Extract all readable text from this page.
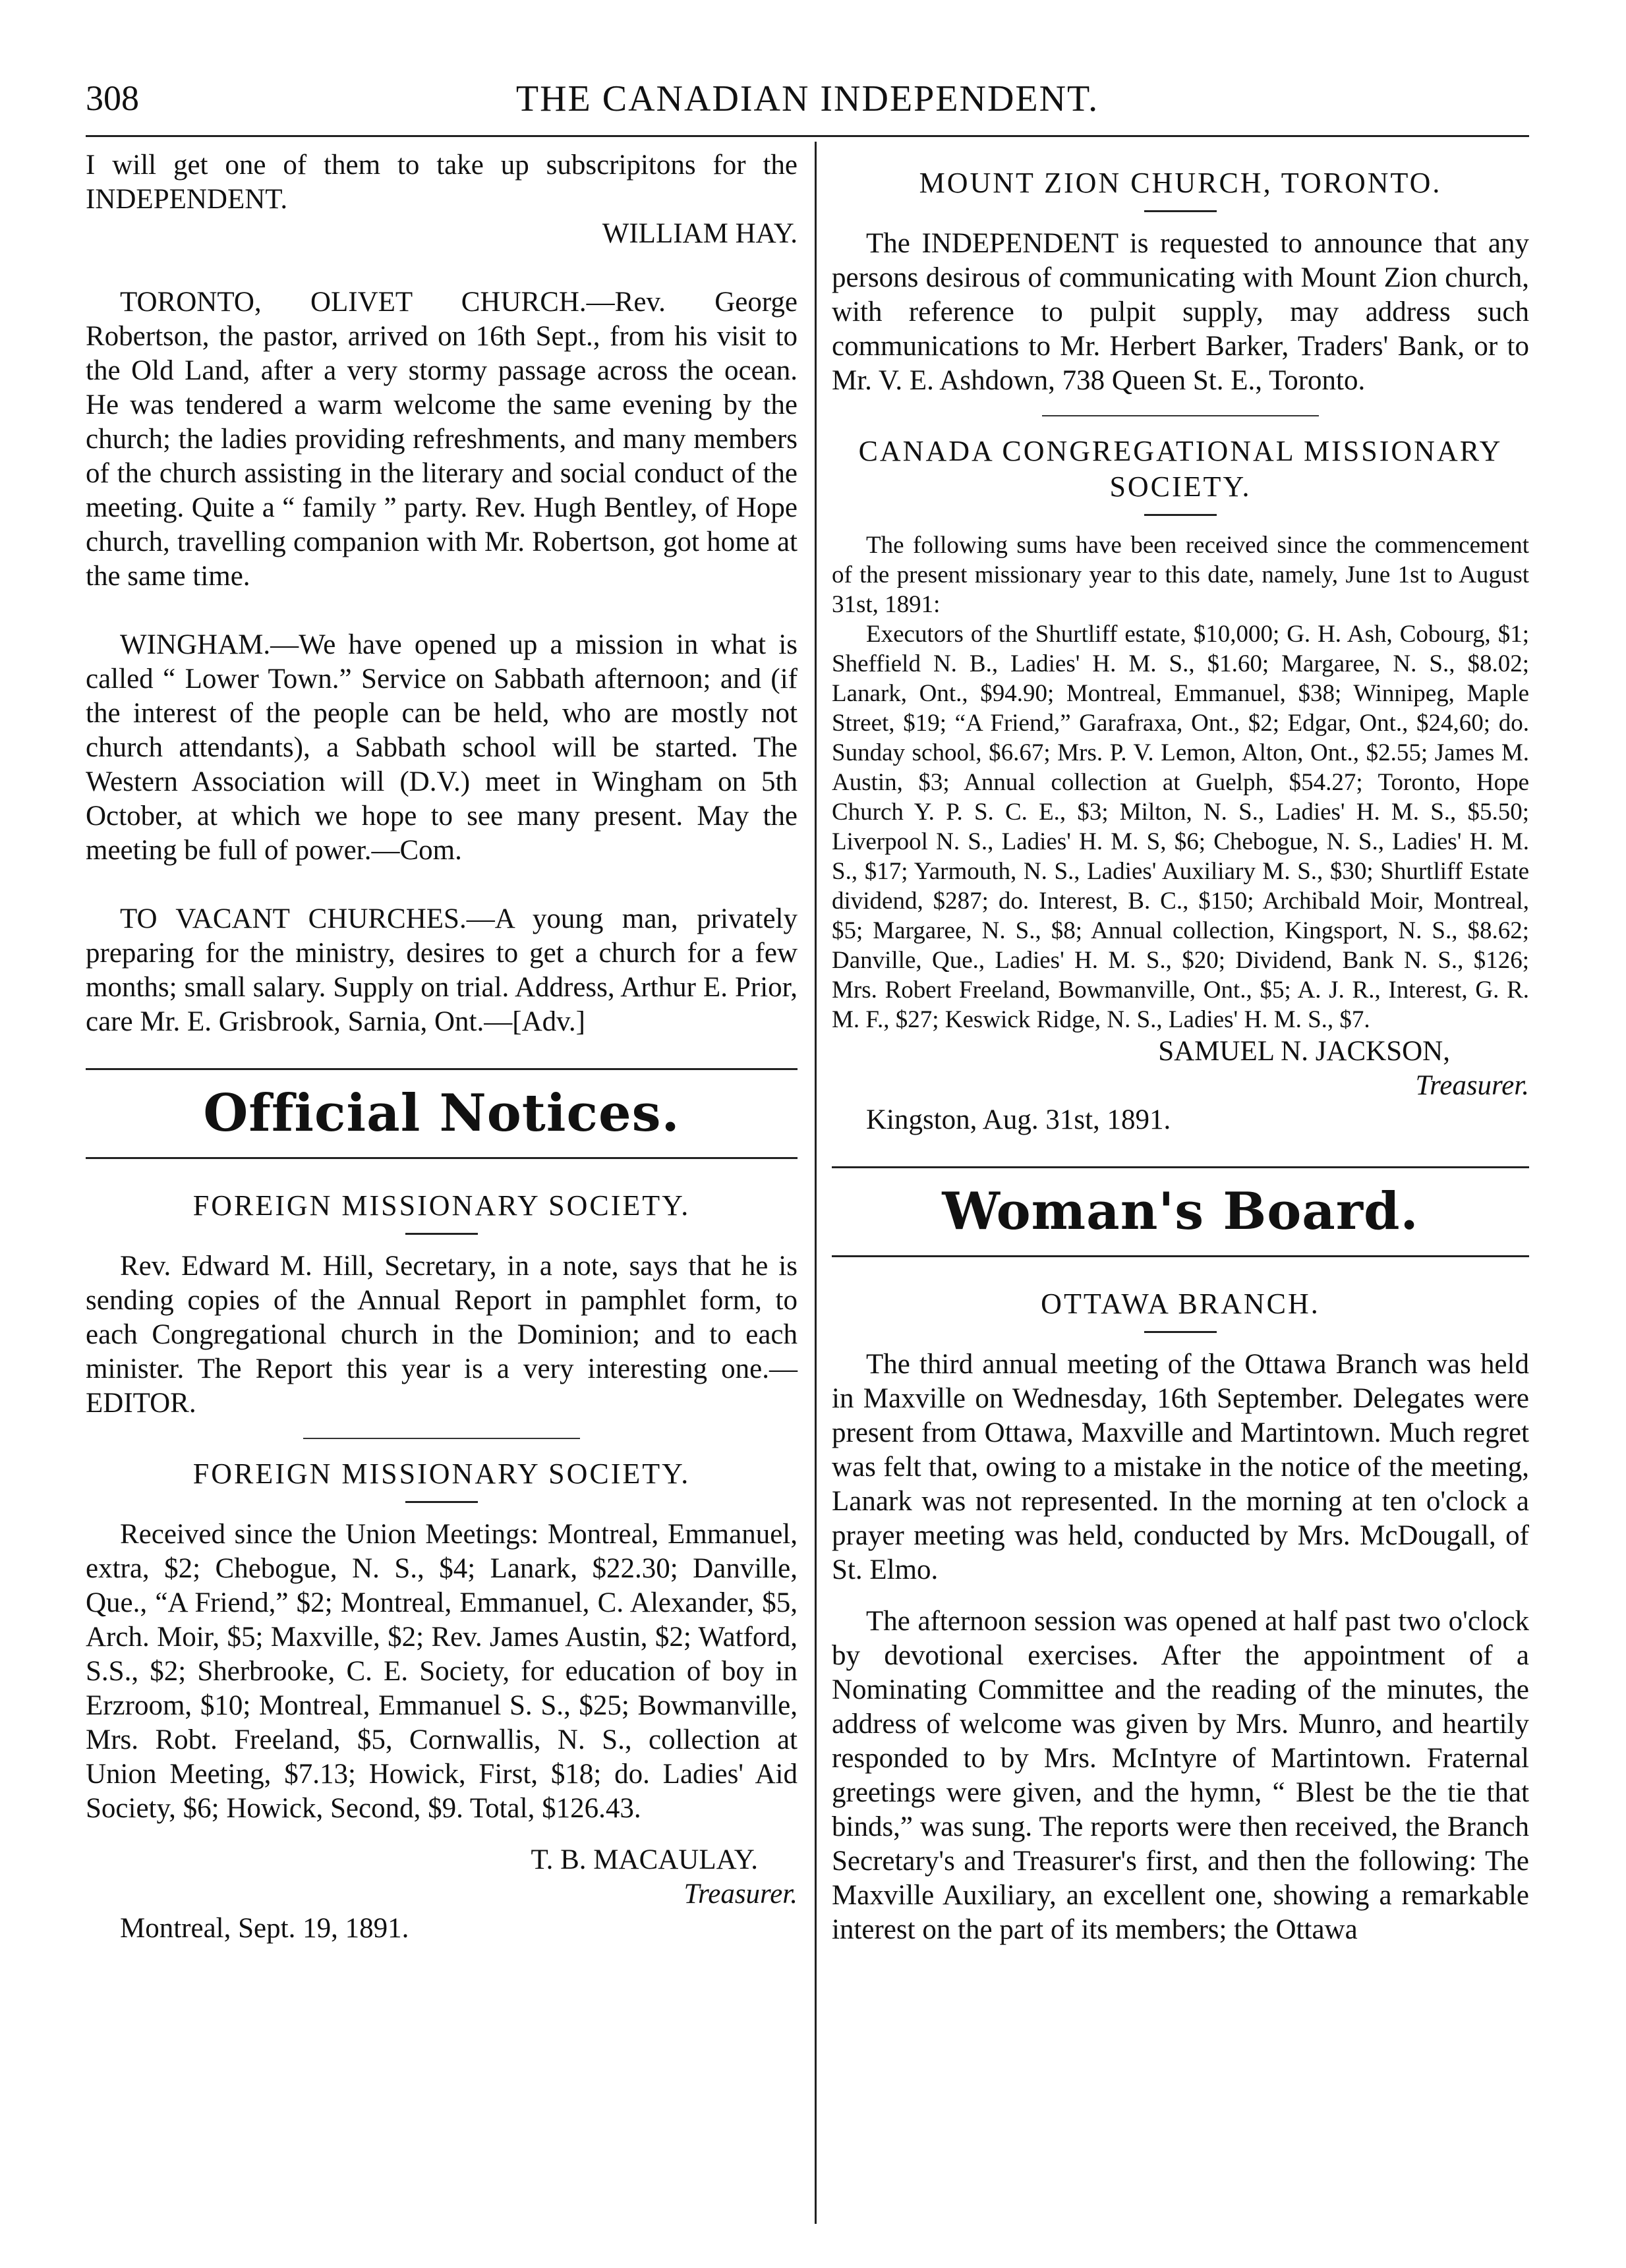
308	THE CANADIAN INDEPENDENT.

I will get one of them to take up subscripitons for the INDEPENDENT.

WILLIAM HAY.

TORONTO, OLIVET CHURCH.—Rev. George Robertson, the pastor, arrived on 16th Sept., from his visit to the Old Land, after a very stormy passage across the ocean. He was tendered a warm welcome the same evening by the church; the ladies providing refreshments, and many members of the church assisting in the literary and social conduct of the meeting. Quite a “ family ” party. Rev. Hugh Bentley, of Hope church, travelling companion with Mr. Robertson, got home at the same time.

WINGHAM.—We have opened up a mission in what is called “ Lower Town.” Service on Sabbath afternoon; and (if the interest of the people can be held, who are mostly not church attendants), a Sabbath school will be started. The Western Association will (D.V.) meet in Wingham on 5th October, at which we hope to see many present. May the meeting be full of power.—Com.

TO VACANT CHURCHES.—A young man, privately preparing for the ministry, desires to get a church for a few months; small salary. Supply on trial. Address, Arthur E. Prior, care Mr. E. Grisbrook, Sarnia, Ont.—[Adv.]

Official Notices.

FOREIGN MISSIONARY SOCIETY.

Rev. Edward M. Hill, Secretary, in a note, says that he is sending copies of the Annual Report in pamphlet form, to each Congregational church in the Dominion; and to each minister. The Report this year is a very interesting one.—EDITOR.

FOREIGN MISSIONARY SOCIETY.

Received since the Union Meetings: Montreal, Emmanuel, extra, $2; Chebogue, N. S., $4; Lanark, $22.30; Danville, Que., “A Friend,” $2; Montreal, Emmanuel, C. Alexander, $5, Arch. Moir, $5; Maxville, $2; Rev. James Austin, $2; Watford, S.S., $2; Sherbrooke, C. E. Society, for education of boy in Erzroom, $10; Montreal, Emmanuel S. S., $25; Bowmanville, Mrs. Robt. Freeland, $5, Cornwallis, N. S., collection at Union Meeting, $7.13; Howick, First, $18; do. Ladies' Aid Society, $6; Howick, Second, $9. Total, $126.43.

T. B. MACAULAY.

Treasurer.

Montreal, Sept. 19, 1891.

MOUNT ZION CHURCH, TORONTO.

The INDEPENDENT is requested to announce that any persons desirous of communicating with Mount Zion church, with reference to pulpit supply, may address such communications to Mr. Herbert Barker, Traders' Bank, or to Mr. V. E. Ashdown, 738 Queen St. E., Toronto.

CANADA CONGREGATIONAL MISSIONARY SOCIETY.

The following sums have been received since the commencement of the present missionary year to this date, namely, June 1st to August 31st, 1891:

Executors of the Shurtliff estate, $10,000; G. H. Ash, Cobourg, $1; Sheffield N. B., Ladies' H. M. S., $1.60; Margaree, N. S., $8.02; Lanark, Ont., $94.90; Montreal, Emmanuel, $38; Winnipeg, Maple Street, $19; “A Friend,” Garafraxa, Ont., $2; Edgar, Ont., $24,60; do. Sunday school, $6.67; Mrs. P. V. Lemon, Alton, Ont., $2.55; James M. Austin, $3; Annual collection at Guelph, $54.27; Toronto, Hope Church Y. P. S. C. E., $3; Milton, N. S., Ladies' H. M. S., $5.50; Liverpool N. S., Ladies' H. M. S, $6; Chebogue, N. S., Ladies' H. M. S., $17; Yarmouth, N. S., Ladies' Auxiliary M. S., $30; Shurtliff Estate dividend, $287; do. Interest, B. C., $150; Archibald Moir, Montreal, $5; Margaree, N. S., $8; Annual collection, Kingsport, N. S., $8.62; Danville, Que., Ladies' H. M. S., $20; Dividend, Bank N. S., $126; Mrs. Robert Freeland, Bowmanville, Ont., $5; A. J. R., Interest, G. R. M. F., $27; Keswick Ridge, N. S., Ladies' H. M. S., $7.

SAMUEL N. JACKSON,

Treasurer.

Kingston, Aug. 31st, 1891.

Woman's Board.

OTTAWA BRANCH.

The third annual meeting of the Ottawa Branch was held in Maxville on Wednesday, 16th September. Delegates were present from Ottawa, Maxville and Martintown. Much regret was felt that, owing to a mistake in the notice of the meeting, Lanark was not represented. In the morning at ten o'clock a prayer meeting was held, conducted by Mrs. McDougall, of St. Elmo.

The afternoon session was opened at half past two o'clock by devotional exercises. After the appointment of a Nominating Committee and the reading of the minutes, the address of welcome was given by Mrs. Munro, and heartily responded to by Mrs. McIntyre of Martintown. Fraternal greetings were given, and the hymn, “ Blest be the tie that binds,” was sung. The reports were then received, the Branch Secretary's and Treasurer's first, and then the following: The Maxville Auxiliary, an excellent one, showing a remarkable interest on the part of its members; the Ottawa
